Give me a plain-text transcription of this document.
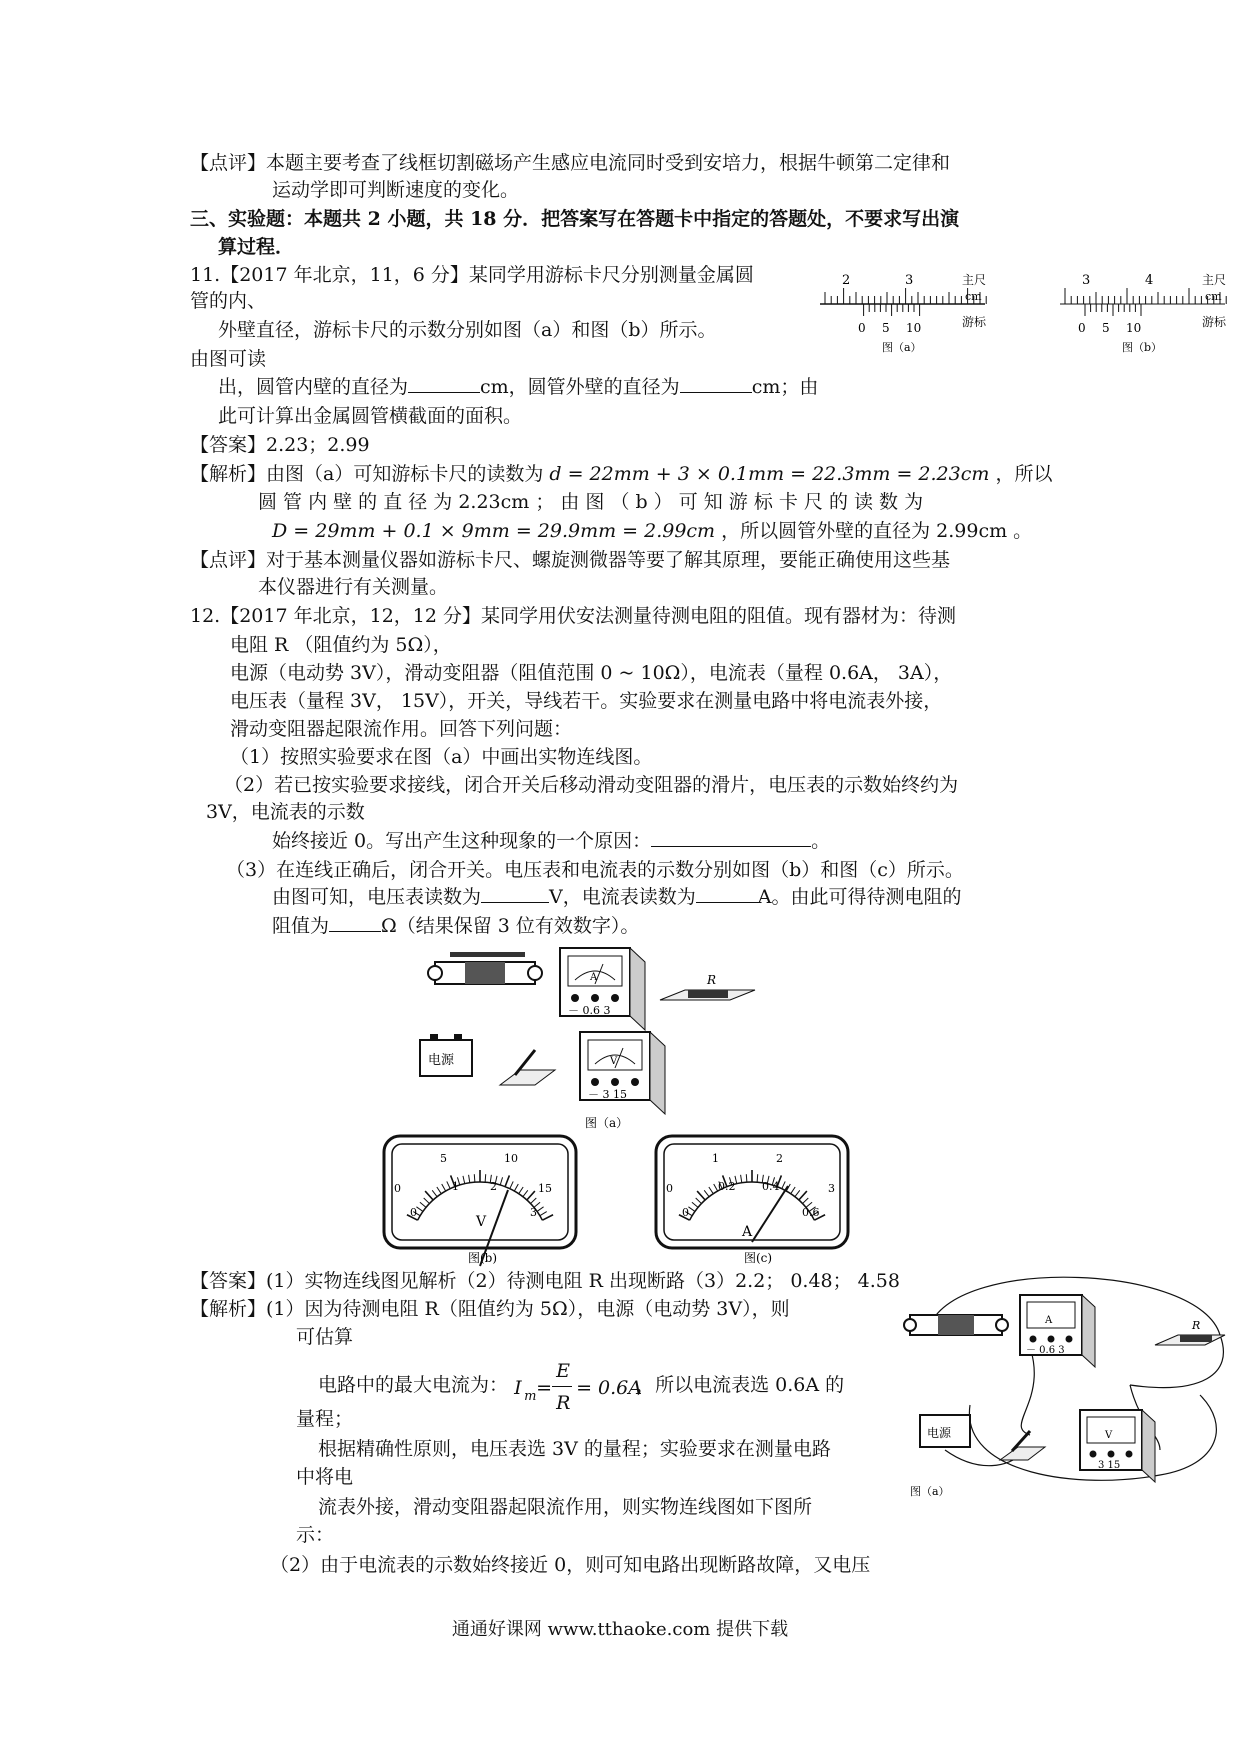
【点评】本题主要考查了线框切割磁场产生感应电流同时受到安培力，根据牛顿第二定律和
运动学即可判断速度的变化。
三、实验题：本题共 2 小题，共 18 分．把答案写在答题卡中指定的答题处，不要求写出演
算过程．
11.【2017 年北京，11，6 分】某同学用游标卡尺分别测量金属圆
管的内、
外壁直径，游标卡尺的示数分别如图（a）和图（b）所示。
由图可读
出，圆管内壁的直径为	cm，圆管外壁的直径为	cm；由
此可计算出金属圆管横截面的面积。
2	3	主尺
cm
0 5 10	游标
图（a）
3	4	主尺
cm
0 5 10	游标
图（b）
【答案】2.23；2.99
【解析】由图（a）可知游标卡尺的读数为 d = 22mm + 3 × 0.1mm = 22.3mm = 2.23cm ，所以
圆 管 内 壁 的 直 径 为 2.23cm ； 由 图 （ b ） 可 知 游 标 卡 尺 的 读 数 为
D = 29mm + 0.1 × 9mm = 29.9mm = 2.99cm ，所以圆管外壁的直径为 2.99cm 。
【点评】对于基本测量仪器如游标卡尺、螺旋测微器等要了解其原理，要能正确使用这些基
本仪器进行有关测量。
12.【2017 年北京，12，12 分】某同学用伏安法测量待测电阻的阻值。现有器材为：待测
电阻 R （阻值约为 5Ω），
电源（电动势 3V），滑动变阻器（阻值范围 0 ~ 10Ω），电流表（量程 0.6A， 3A），
电压表（量程 3V， 15V），开关，导线若干。实验要求在测量电路中将电流表外接，
滑动变阻器起限流作用。回答下列问题：
（1）按照实验要求在图（a）中画出实物连线图。
（2）若已按实验要求接线，闭合开关后移动滑动变阻器的滑片，电压表的示数始终约为
3V，电流表的示数
始终接近 0。写出产生这种现象的一个原因：	。
（3）在连线正确后，闭合开关。电压表和电流表的示数分别如图（b）和图（c）所示。
由图可知，电压表读数为	V，电流表读数为	A。由此可得待测电阻的
阻值为	Ω（结果保留 3 位有效数字）。
A
－ 0.6 3
R
电源	V
－ 3 15
图（a）
0
5	10
15
0
1	2
3
V
图(b)
0
1	2
3
0
0.2 0.4
0.6
A
图(c)
【答案】(1）实物连线图见解析（2）待测电阻 R 出现断路（3）2.2； 0.48； 4.58
【解析】(1）因为待测电阻 R（阻值约为 5Ω），电源（电动势 3V），则
可估算
电路中的最大电流为： I m =
E
R
= 0.6A
，所以电流表选 0.6A 的
量程；
根据精确性原则，电压表选 3V 的量程；实验要求在测量电路
中将电
流表外接，滑动变阻器起限流作用，则实物连线图如下图所
示：
（2）由于电流表的示数始终接近 0，则可知电路出现断路故障，又电压
A
－ 0.6 3
R
电源	V
3 15
图（a）
通通好课网 www.tthaoke.com 提供下载
